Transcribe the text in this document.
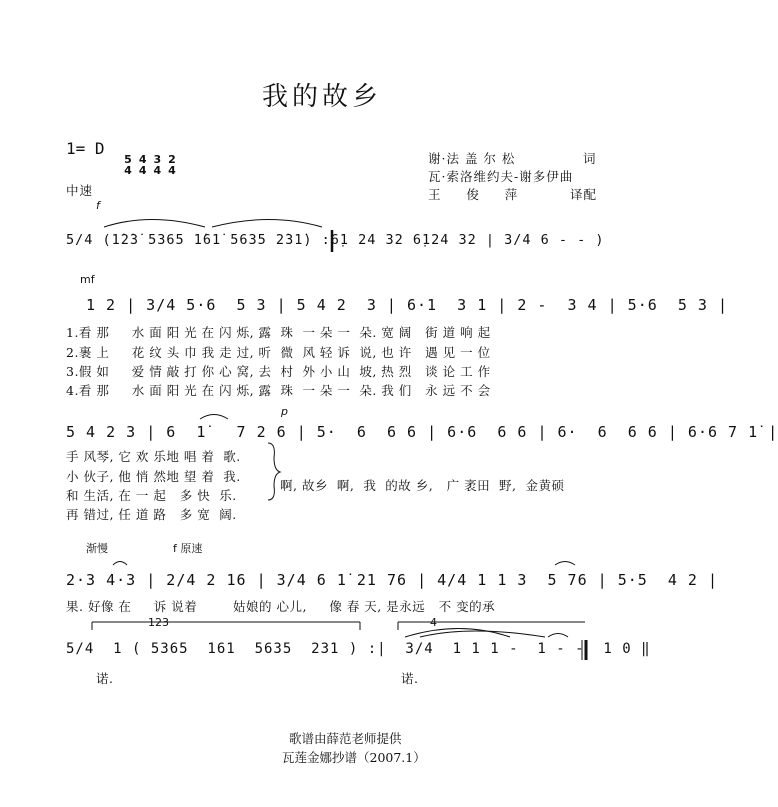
我的故乡
1= D

5
44
43
42
4

谢·法 盖 尔 松	词
瓦·索洛维约夫-谢多伊曲
王     俊     萍	译配
中速
f
5/4 (1̇2̇3̇ 5365 1̇61̇ 5635 2̇31̇) :6̣1 24 32 6̣124 32 | 3/4 6 - - )
mf
1 2 | 3/4 5·6  5 3 | 5 4 2  3 | 6·1  3 1 | 2 -  3 4 | 5·6  5 3 |
1.看 那     水 面 阳 光 在 闪 烁, 露  珠  一 朵 一  朵. 宽 阔   街 道 响 起
2.裹 上     花 纹 头 巾 我 走 过, 听  微  风 轻 诉  说, 也 许   遇 见 一 位
3.假 如     爱 情 敲 打 你 心 窝, 去  村  外 小 山  坡, 热 烈   谈 论 工 作
4.看 那     水 面 阳 光 在 闪 烁, 露  珠  一 朵 一  朵. 我 们   永 远 不 会
p
5 4 2 3 | 6  1̇   7 2 6 | 5·  6  6 6 | 6·6  6 6 | 6·  6  6 6 | 6·6 7 1̇ |
手 风琴, 它 欢 乐地 唱 着  歌.
小 伙子, 他 悄 然地 望 着  我.
和 生活, 在 一 起   多 快  乐.
再 错过, 任 道 路   多 宽  阔.
啊, 故乡  啊,  我  的故 乡,   广 袤田  野,  金黄硕
渐慢	f 原速
2·3 4·3 | 2/4 2 16 | 3/4 6 1̇ 21 76 | 4/4 1 1 3  5 76 | 5·5  4 2 |
果. 好像 在     诉 说着        姑娘的 心儿,     像 春 天, 是永远   不 变的承
123	4
5/4  1 ( 5365  161  5635  231 ) :|  3/4  1 1 1 -  1 - -  1 0 ‖
诺.	诺.
歌谱由薛范老师提供
瓦莲金娜抄谱（2007.1）
